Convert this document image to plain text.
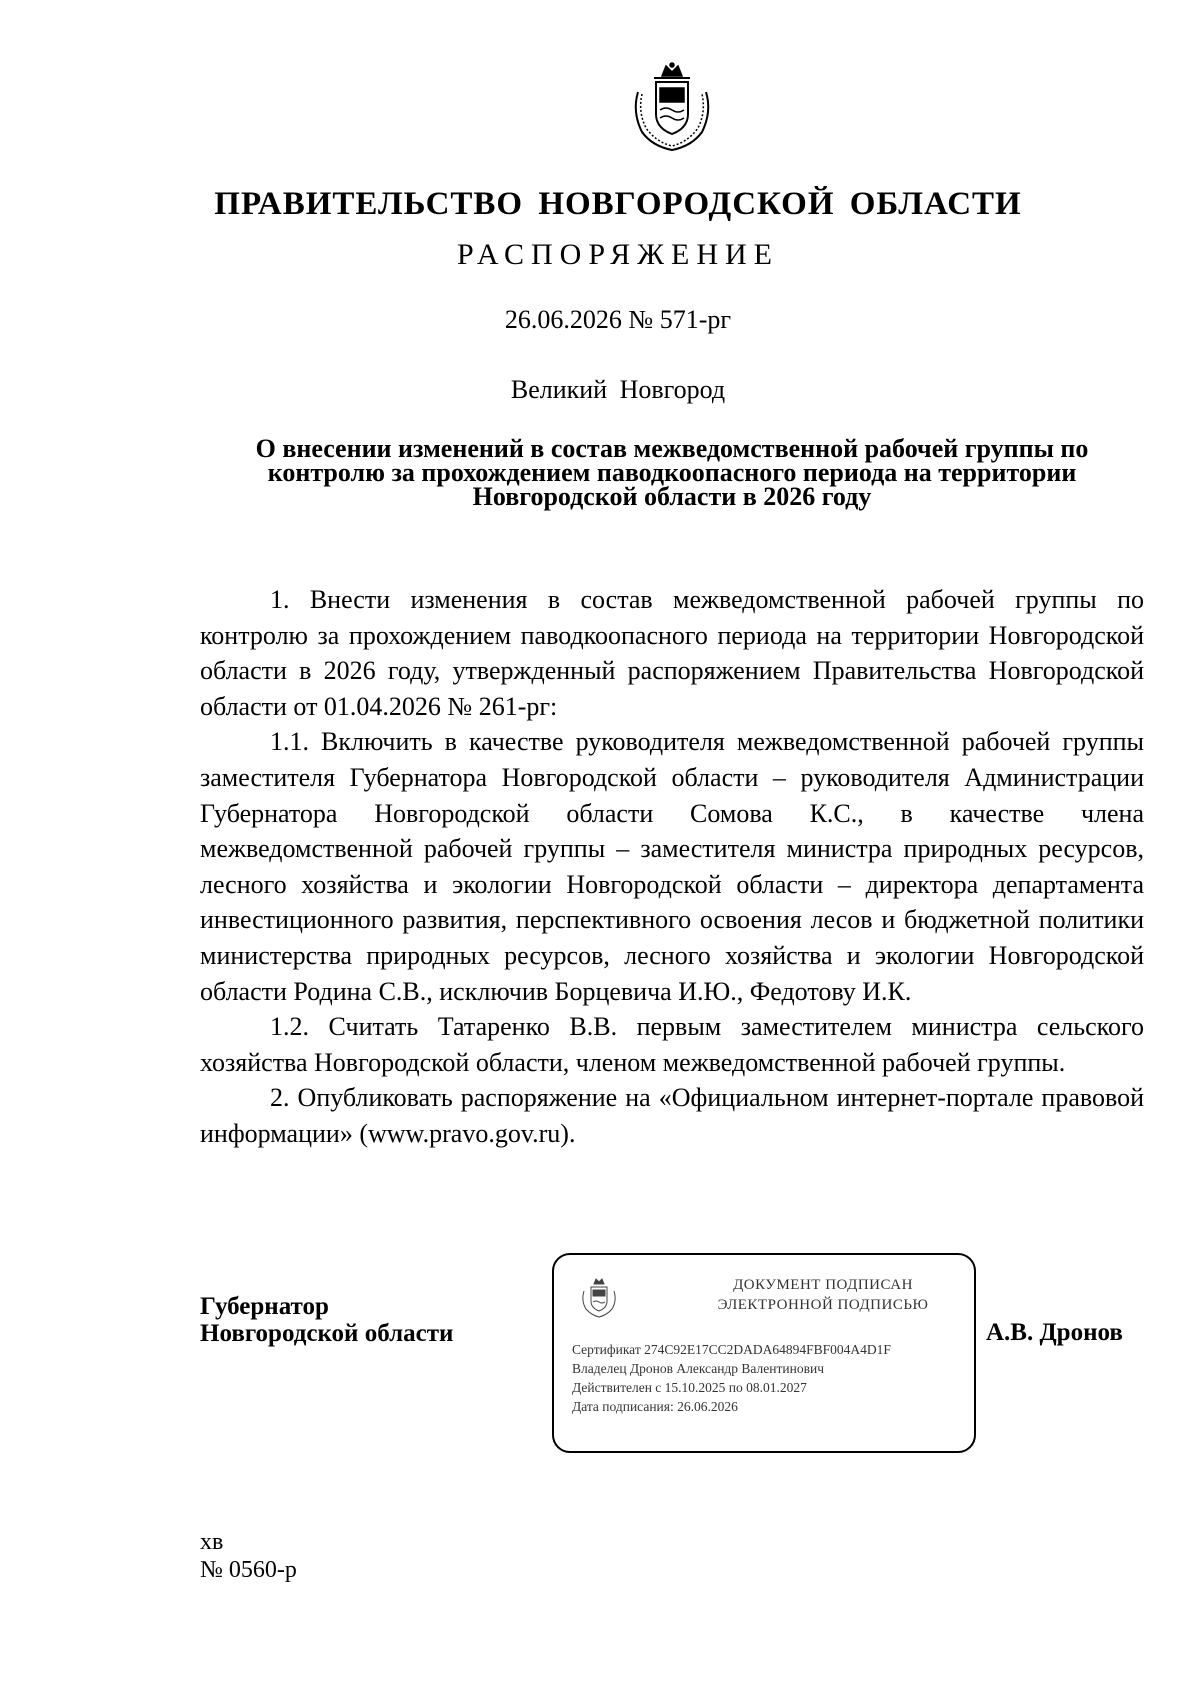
ПРАВИТЕЛЬСТВО НОВГОРОДСКОЙ ОБЛАСТИ
РАСПОРЯЖЕНИЕ
26.06.2026 № 571-рг
Великий Новгород
О внесении изменений в состав межведомственной рабочей группы по контролю за прохождением паводкоопасного периода на территории Новгородской области в 2026 году

1. Внести изменения в состав межведомственной рабочей группы по контролю за прохождением паводкоопасного периода на территории Новгородской области в 2026 году, утвержденный распоряжением Правительства Новгородской области от 01.04.2026 № 261-рг:

1.1. Включить в качестве руководителя межведомственной рабочей группы заместителя Губернатора Новгородской области – руководителя Администрации Губернатора Новгородской области Сомова К.С., в качестве члена межведомственной рабочей группы – заместителя министра природных ресурсов, лесного хозяйства и экологии Новгородской области – директора департамента инвестиционного развития, перспективного освоения лесов и бюджетной политики министерства природных ресурсов, лесного хозяйства и экологии Новгородской области Родина С.В., исключив Борцевича И.Ю., Федотову И.К.

1.2. Считать Татаренко В.В. первым заместителем министра сельского хозяйства Новгородской области, членом межведомственной рабочей группы.

2. Опубликовать распоряжение на «Официальном интернет-портале правовой информации» (www.pravo.gov.ru).

Губернатор
Новгородской области
ДОКУМЕНТ ПОДПИСАН
ЭЛЕКТРОННОЙ ПОДПИСЬЮ
Сертификат 274C92E17CC2DADA64894FBF004A4D1F
Владелец Дронов Александр Валентинович
Действителен с 15.10.2025 по 08.01.2027
Дата подписания: 26.06.2026
А.В. Дронов
хв
№ 0560-р
